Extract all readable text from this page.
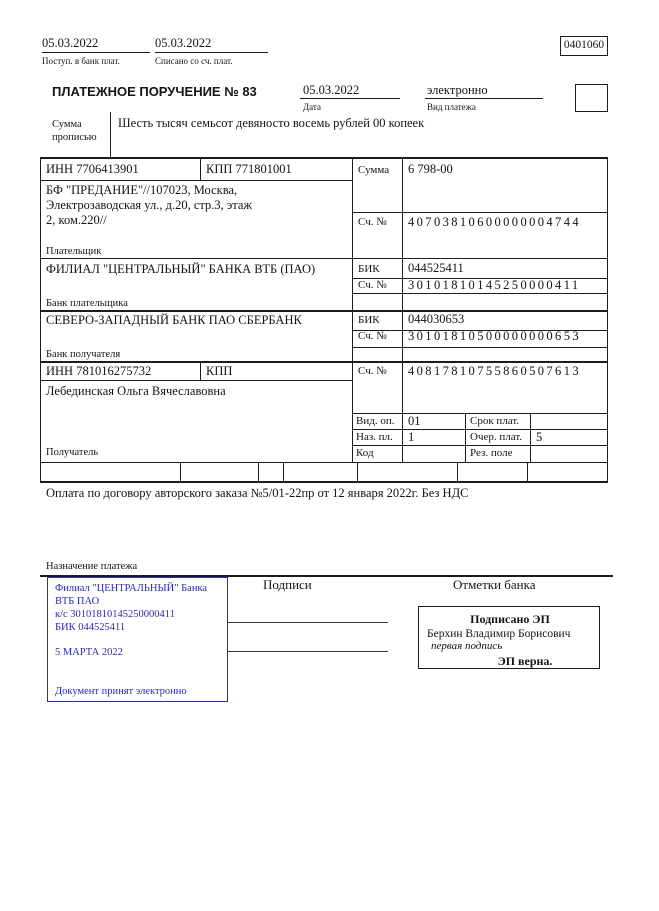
05.03.2022
Поступ. в банк плат.
05.03.2022
Списано со сч. плат.
0401060
ПЛАТЕЖНОЕ ПОРУЧЕНИЕ № 83	05.03.2022
Дата
электронно
Вид платежа
Сумма прописью
Шесть тысяч семьсот девяносто восемь рублей 00 копеек
ИНН 7706413901	КПП 771801001	Сумма 6 798-00
БФ "ПРЕДАНИЕ"//107023, Москва,
Электрозаводская ул., д.20, стр.3, этаж
2, ком.220//
Плательщик
Сч. № 40703810600000004744
ФИЛИАЛ "ЦЕНТРАЛЬНЫЙ" БАНКА ВТБ (ПАО)
Банк плательщика
БИК 044525411
Сч. № 30101810145250000411
СЕВЕРО-ЗАПАДНЫЙ БАНК ПАО СБЕРБАНК
Банк получателя
БИК 044030653
Сч. № 30101810500000000653
ИНН 781016275732	КПП	Сч. № 40817810755860507613
Лебединская Ольга Вячеславовна
Получатель
Вид. оп. 01	Срок плат.
Наз. пл. 1	Очер. плат. 5
Код	Рез. поле
Оплата по договору авторского заказа №5/01-22пр от 12 января 2022г. Без НДС
Назначение платежа
Филиал "ЦЕНТРАЛЬНЫЙ" Банка
ВТБ ПАО
к/с 30101810145250000411
БИК 044525411
5 МАРТА 2022
Документ принят электронно
Подписи	Отметки банка
Подписано ЭП
Берхин Владимир Борисович
первая подпись
ЭП верна.
